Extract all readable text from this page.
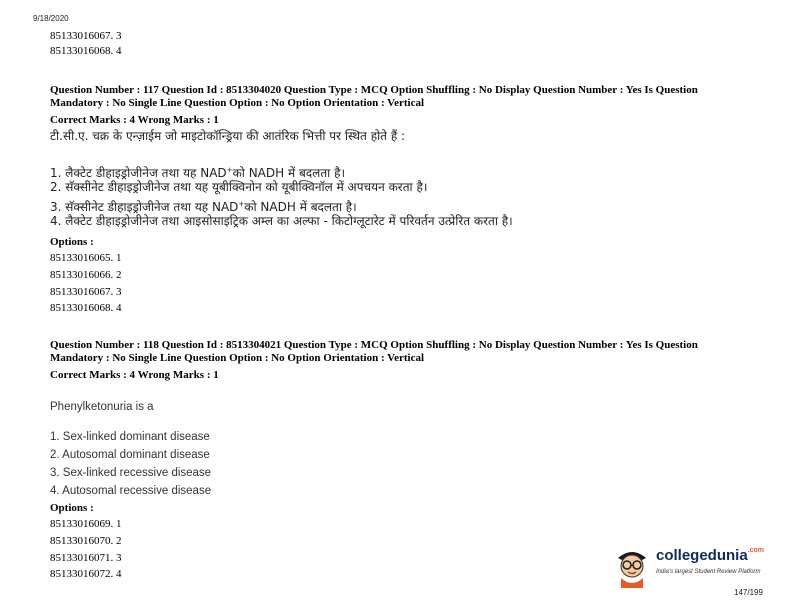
9/18/2020
85133016067. 3
85133016068. 4
Question Number : 117 Question Id : 8513304020 Question Type : MCQ Option Shuffling : No Display Question Number : Yes Is Question Mandatory : No Single Line Question Option : No Option Orientation : Vertical
Correct Marks : 4 Wrong Marks : 1
टी.सी.ए. चक्र के एन्ज़ाईम जो माइटोकॉन्ड्रिया की आतंरिक भित्ती पर स्थित होते हैं :
1. लैक्टेट डीहाइड्रोजीनेज तथा यह NAD+को NADH में बदलता है।
2. सॅक्सीनेट डीहाइड्रोजीनेज तथा यह यूबीक्विनोन को यूबीक्विनॉल में अपचयन करता है।
3. सॅक्सीनेट डीहाइड्रोजीनेज तथा यह NAD+को NADH में बदलता है।
4. लैक्टेट डीहाइड्रोजीनेज तथा आइसोसाइट्रिक अम्ल का अल्फा - किटोग्लूटारेट में परिवर्तन उत्प्रेरित करता है।
Options :
85133016065. 1
85133016066. 2
85133016067. 3
85133016068. 4
Question Number : 118 Question Id : 8513304021 Question Type : MCQ Option Shuffling : No Display Question Number : Yes Is Question Mandatory : No Single Line Question Option : No Option Orientation : Vertical
Correct Marks : 4 Wrong Marks : 1
Phenylketonuria is a
1. Sex-linked dominant disease
2. Autosomal dominant disease
3. Sex-linked recessive disease
4. Autosomal recessive disease
Options :
85133016069. 1
85133016070. 2
85133016071. 3
85133016072. 4
collegedunia$^{.com}$
India's largest Student Review Platform
147/199
